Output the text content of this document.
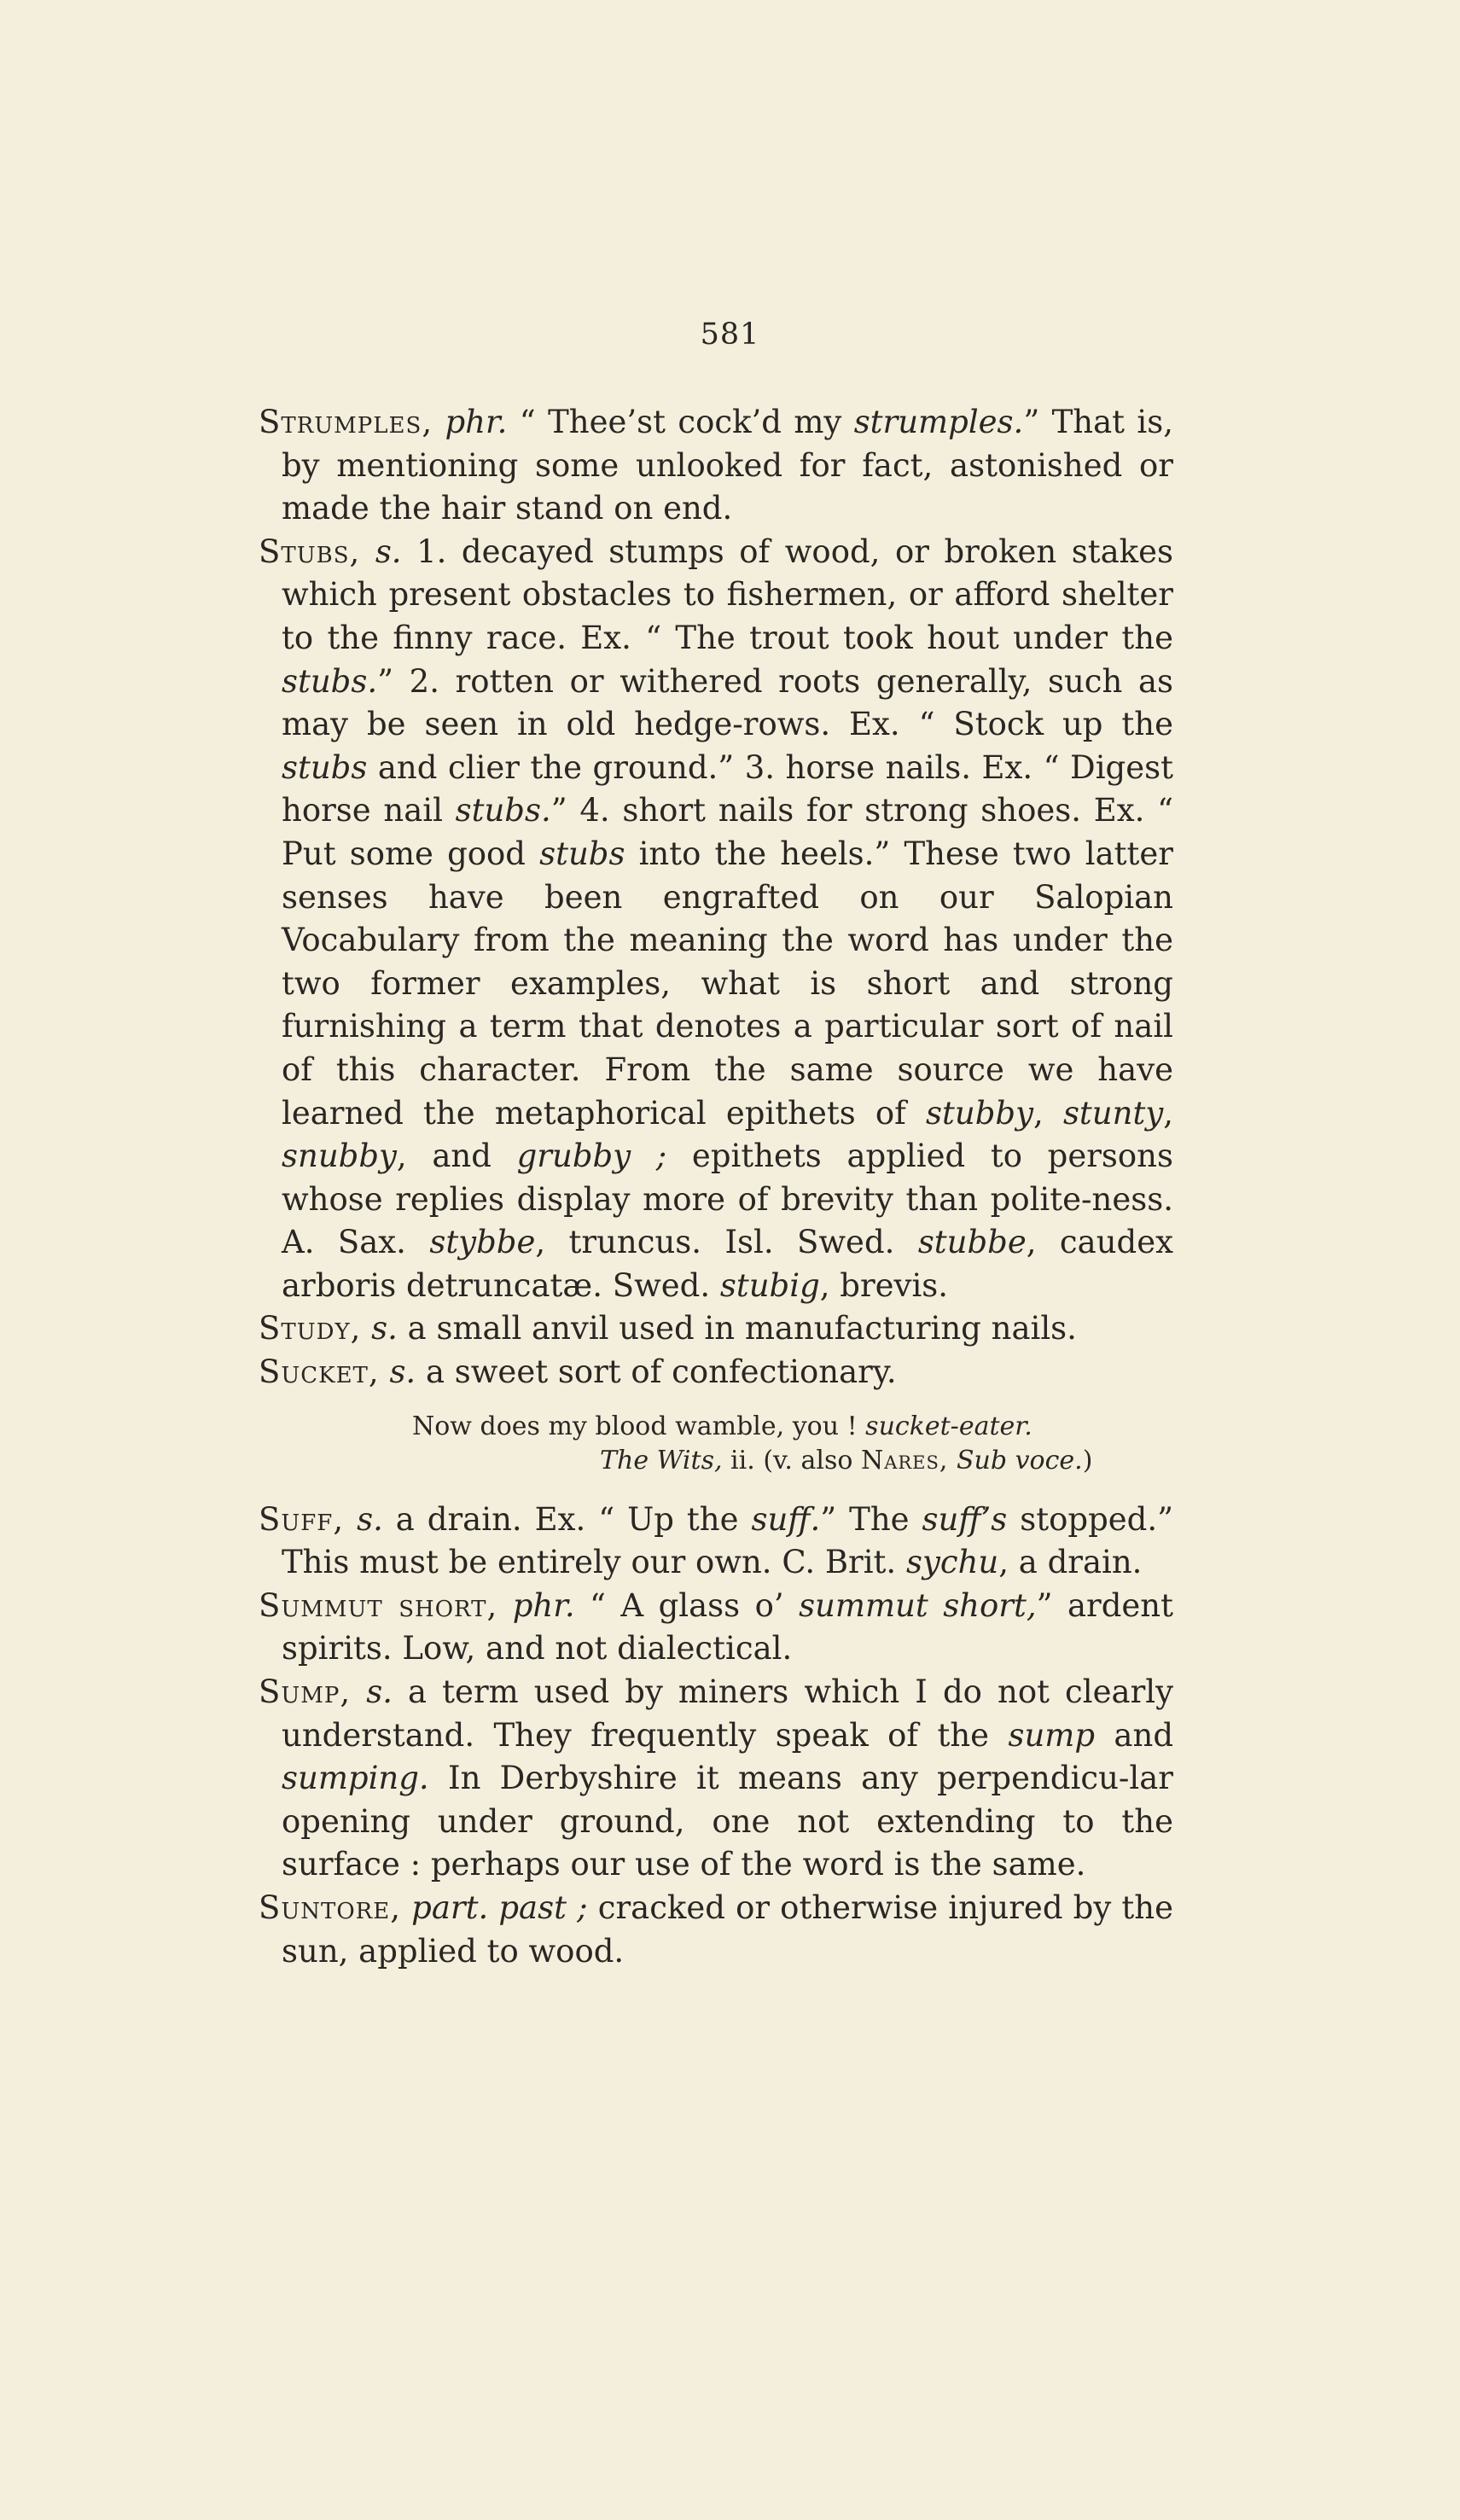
581

Strumples, phr. “ Thee’st cock’d my strumples.” That is, by mentioning some unlooked for fact, astonished or made the hair stand on end.

Stubs, s. 1. decayed stumps of wood, or broken stakes which present obstacles to fishermen, or afford shelter to the finny race. Ex. “ The trout took hout under the stubs.” 2. rotten or withered roots generally, such as may be seen in old hedge-rows. Ex. “ Stock up the stubs and clier the ground.” 3. horse nails. Ex. “ Digest horse nail stubs.” 4. short nails for strong shoes. Ex. “ Put some good stubs into the heels.” These two latter senses have been engrafted on our Salopian Vocabulary from the meaning the word has under the two former examples, what is short and strong furnishing a term that denotes a particular sort of nail of this character. From the same source we have learned the metaphorical epithets of stubby, stunty, snubby, and grubby ; epithets applied to persons whose replies display more of brevity than polite-ness. A. Sax. stybbe, truncus. Isl. Swed. stubbe, caudex arboris detruncatæ. Swed. stubig, brevis.

Study, s. a small anvil used in manufacturing nails.

Sucket, s. a sweet sort of confectionary.

Now does my blood wamble, you ! sucket-eater.
The Wits, ii. (v. also Nares, Sub voce.)

Suff, s. a drain. Ex. “ Up the suff.” The suff’s stopped.” This must be entirely our own. C. Brit. sychu, a drain.

Summut short, phr. “ A glass o’ summut short,” ardent spirits. Low, and not dialectical.

Sump, s. a term used by miners which I do not clearly understand. They frequently speak of the sump and sumping. In Derbyshire it means any perpendicu-lar opening under ground, one not extending to the surface : perhaps our use of the word is the same.

Suntore, part. past ; cracked or otherwise injured by the sun, applied to wood.
